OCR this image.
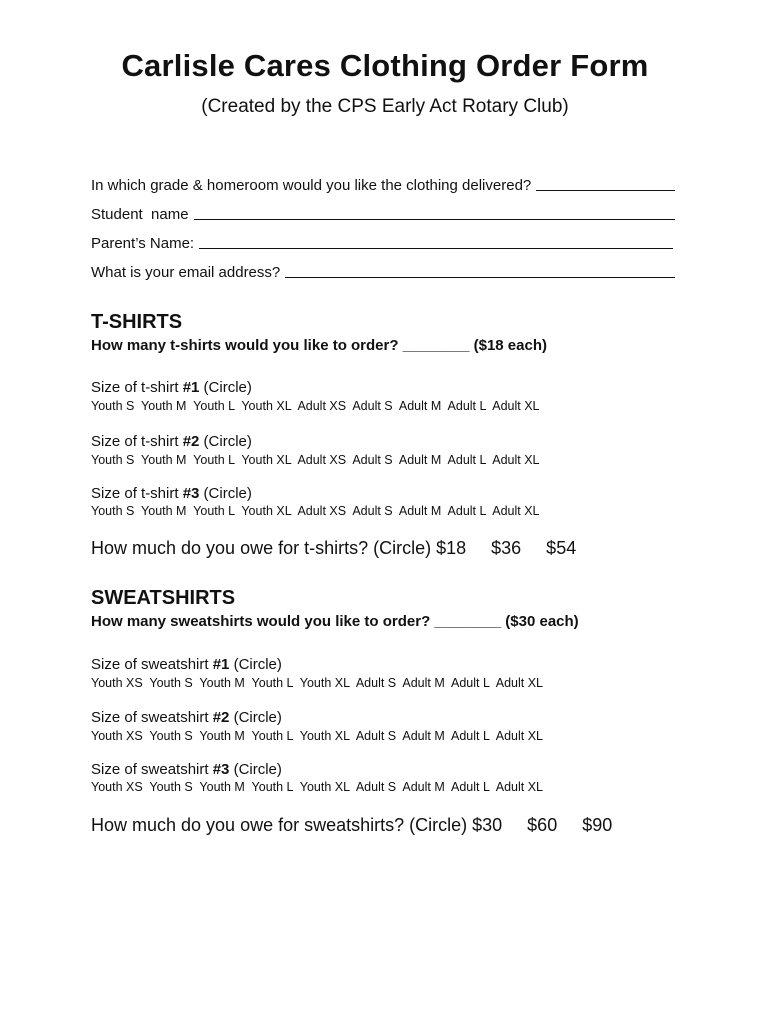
Carlisle Cares Clothing Order Form
(Created by the CPS Early Act Rotary Club)
In which grade & homeroom would you like the clothing delivered?
Student  name
Parent’s Name:
What is your email address?
T-SHIRTS
How many t-shirts would you like to order? ________ ($18 each)
Size of t-shirt #1 (Circle)
Youth S  Youth M  Youth L  Youth XL  Adult XS  Adult S  Adult M  Adult L  Adult XL
Size of t-shirt #2 (Circle)
Youth S  Youth M  Youth L  Youth XL  Adult XS  Adult S  Adult M  Adult L  Adult XL
Size of t-shirt #3 (Circle)
Youth S  Youth M  Youth L  Youth XL  Adult XS  Adult S  Adult M  Adult L  Adult XL
How much do you owe for t-shirts? (Circle) $18     $36     $54
SWEATSHIRTS
How many sweatshirts would you like to order? ________ ($30 each)
Size of sweatshirt #1 (Circle)
Youth XS  Youth S  Youth M  Youth L  Youth XL  Adult S  Adult M  Adult L  Adult XL
Size of sweatshirt #2 (Circle)
Youth XS  Youth S  Youth M  Youth L  Youth XL  Adult S  Adult M  Adult L  Adult XL
Size of sweatshirt #3 (Circle)
Youth XS  Youth S  Youth M  Youth L  Youth XL  Adult S  Adult M  Adult L  Adult XL
How much do you owe for sweatshirts? (Circle) $30     $60     $90
